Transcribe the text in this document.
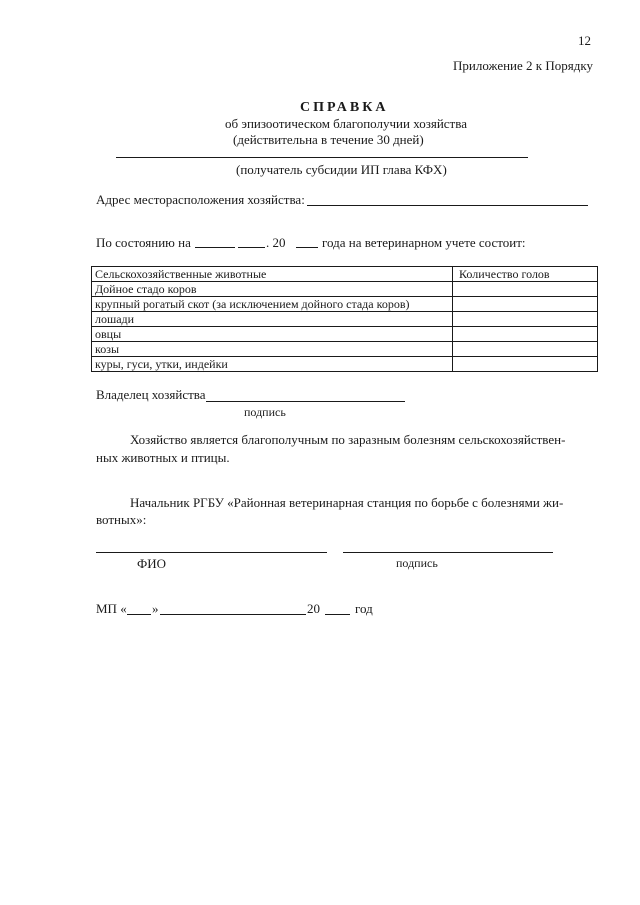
12
Приложение 2 к Порядку
СПРАВКА
об эпизоотическом благополучии хозяйства
(действительна в течение 30 дней)
(получатель субсидии ИП глава КФХ)
Адрес месторасположения хозяйства:
По состоянию на	. 20	года на ветеринарном учете состоит:
Сельскохозяйственные животные	Количество голов
Дойное стадо коров	
крупный рогатый скот (за исключением дойного стада коров)	
лошади	
овцы	
козы	
куры, гуси, утки, индейки	
Владелец хозяйства
подпись
Хозяйство является благополучным по заразным болезням сельскохозяйствен-
ных животных и птицы.
Начальник РГБУ «Районная ветеринарная станция по борьбе с болезнями жи-
вотных»:
ФИО	подпись
МП « »	20	год
